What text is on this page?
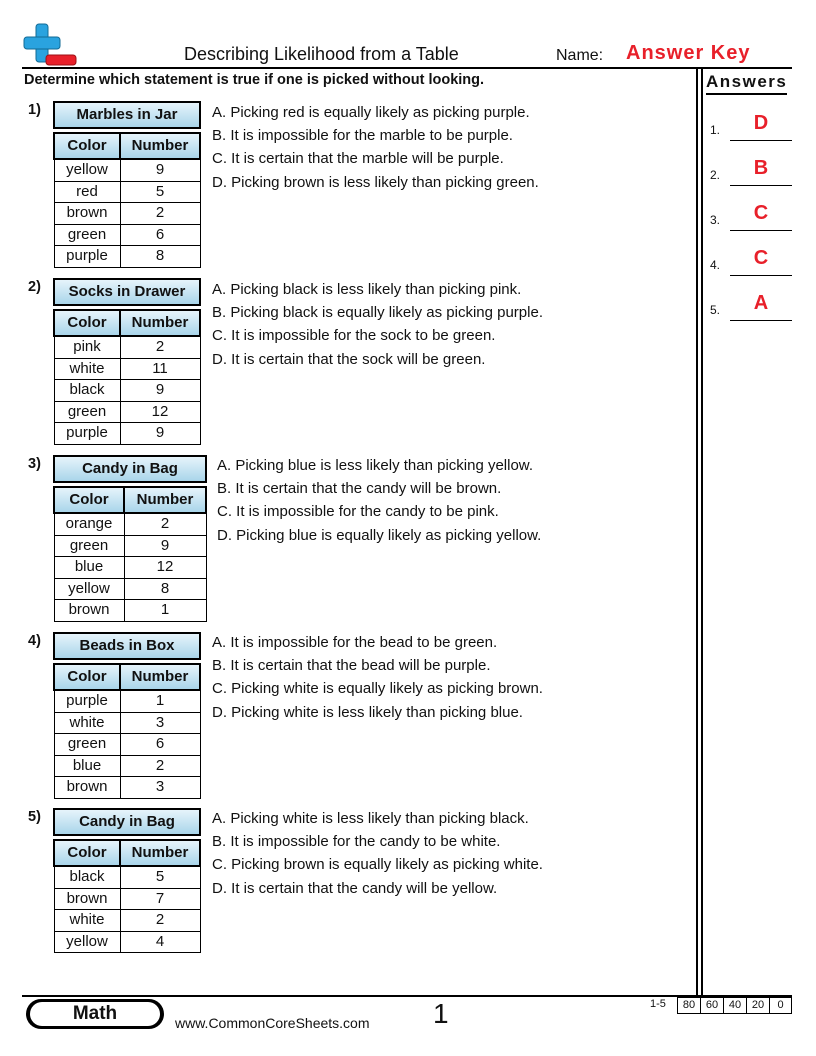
Describing Likelihood from a Table	Name: Answer Key
Determine which statement is true if one is picked without looking.	Answers
1.	D
2.	B
3.	C
4.	C
5.	A
1) Marbles in Jar	

Color	Number
yellow	9
red	5
brown	2
green	6
purple	8
A. Picking red is equally likely as picking purple.
B. It is impossible for the marble to be purple.
C. It is certain that the marble will be purple.
D. Picking brown is less likely than picking green.
2) Socks in Drawer	

Color	Number
pink	2
white	11
black	9
green	12
purple	9
A. Picking black is less likely than picking pink.
B. Picking black is equally likely as picking purple.
C. It is impossible for the sock to be green.
D. It is certain that the sock will be green.
3)	Candy in Bag	

Color	Number
orange	2
green	9
blue	12
yellow	8
brown	1
A. Picking blue is less likely than picking yellow.
B. It is certain that the candy will be brown.
C. It is impossible for the candy to be pink.
D. Picking blue is equally likely as picking yellow.
4)	Beads in Box	

Color	Number
purple	1
white	3
green	6
blue	2
brown	3
A. It is impossible for the bead to be green.
B. It is certain that the bead will be purple.
C. Picking white is equally likely as picking brown.
D. Picking white is less likely than picking blue.
5)	Candy in Bag	

Color	Number
black	5
brown	7
white	2
yellow	4
A. Picking white is less likely than picking black.
B. It is impossible for the candy to be white.
C. Picking brown is equally likely as picking white.
D. It is certain that the candy will be yellow.
Math	www.CommonCoreSheets.com 1	1-5	80 60 40 20	0
